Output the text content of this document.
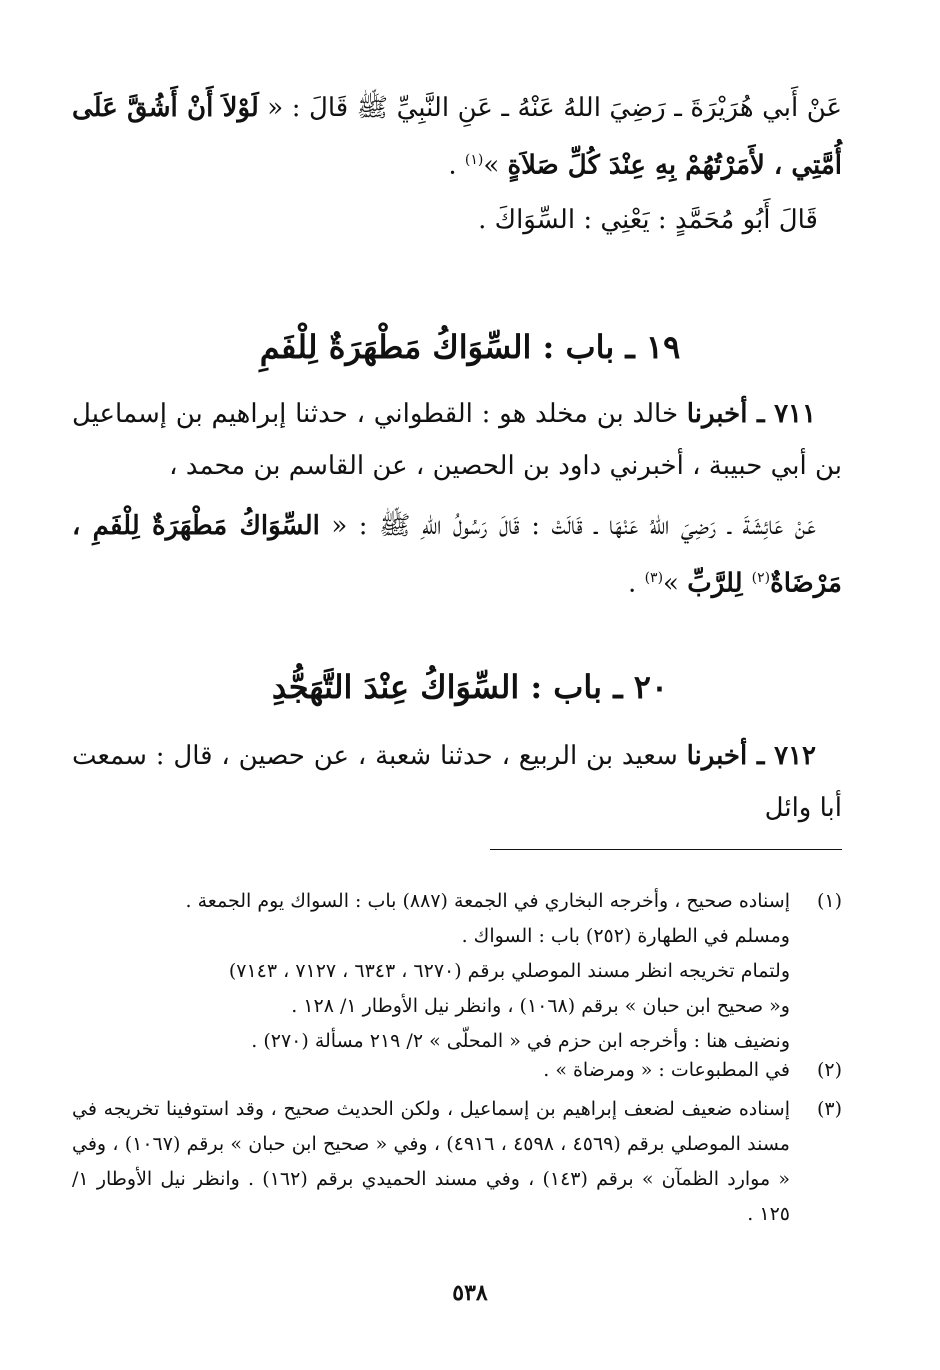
عَنْ أَبي هُرَيْرَةَ ـ رَضِيَ اللهُ عَنْهُ ـ عَنِ النَّبِيِّ ﷺ قَالَ : « لَوْلاَ أَنْ أَشُقَّ عَلَى أُمَّتِي ، لأَمَرْتُهُمْ بِهِ عِنْدَ كُلِّ صَلاَةٍ »$^{(١)}$ .
قَالَ أَبُو مُحَمَّدٍ : يَعْنِي : السِّوَاكَ .
١٩ ـ باب : السِّوَاكُ مَطْهَرَةٌ لِلْفَمِ
٧١١ ـ أخبرنا خالد بن مخلد هو : القطواني ، حدثنا إبراهيم بن إسماعيل بن أبي حبيبة ، أخبرني داود بن الحصين ، عن القاسم بن محمد ،
عَنْ عَائِشَةَ ـ رَضِيَ اللهُ عَنْهَا ـ قَالَتْ : قَالَ رَسُولُ اللهِ ﷺ : « السِّوَاكُ مَطْهَرَةٌ لِلْفَمِ ، مَرْضَاةٌ$^{(٢)}$ لِلرَّبِّ »$^{(٣)}$ .
٢٠ ـ باب : السِّوَاكُ عِنْدَ التَّهَجُّدِ
٧١٢ ـ أخبرنا سعيد بن الربيع ، حدثنا شعبة ، عن حصين ، قال : سمعت أبا وائل
(١)
إسناده صحيح ، وأخرجه البخاري في الجمعة (٨٨٧) باب : السواك يوم الجمعة .
ومسلم في الطهارة (٢٥٢) باب : السواك .
ولتمام تخريجه انظر مسند الموصلي برقم (٦٢٧٠ ، ٦٣٤٣ ، ٧١٢٧ ، ٧١٤٣)
و« صحيح ابن حبان » برقم (١٠٦٨) ، وانظر نيل الأوطار ١/ ١٢٨ .
ونضيف هنا : وأخرجه ابن حزم في « المحلّى » ٢/ ٢١٩ مسألة (٢٧٠) .
(٢)
في المطبوعات : « ومرضاة » .
(٣)
إسناده ضعيف لضعف إبراهيم بن إسماعيل ، ولكن الحديث صحيح ، وقد استوفينا تخريجه في مسند الموصلي برقم (٤٥٦٩ ، ٤٥٩٨ ، ٤٩١٦) ، وفي « صحيح ابن حبان » برقم (١٠٦٧) ، وفي « موارد الظمآن » برقم (١٤٣) ، وفي مسند الحميدي برقم (١٦٢) . وانظر نيل الأوطار ١/ ١٢٥ .
٥٣٨
